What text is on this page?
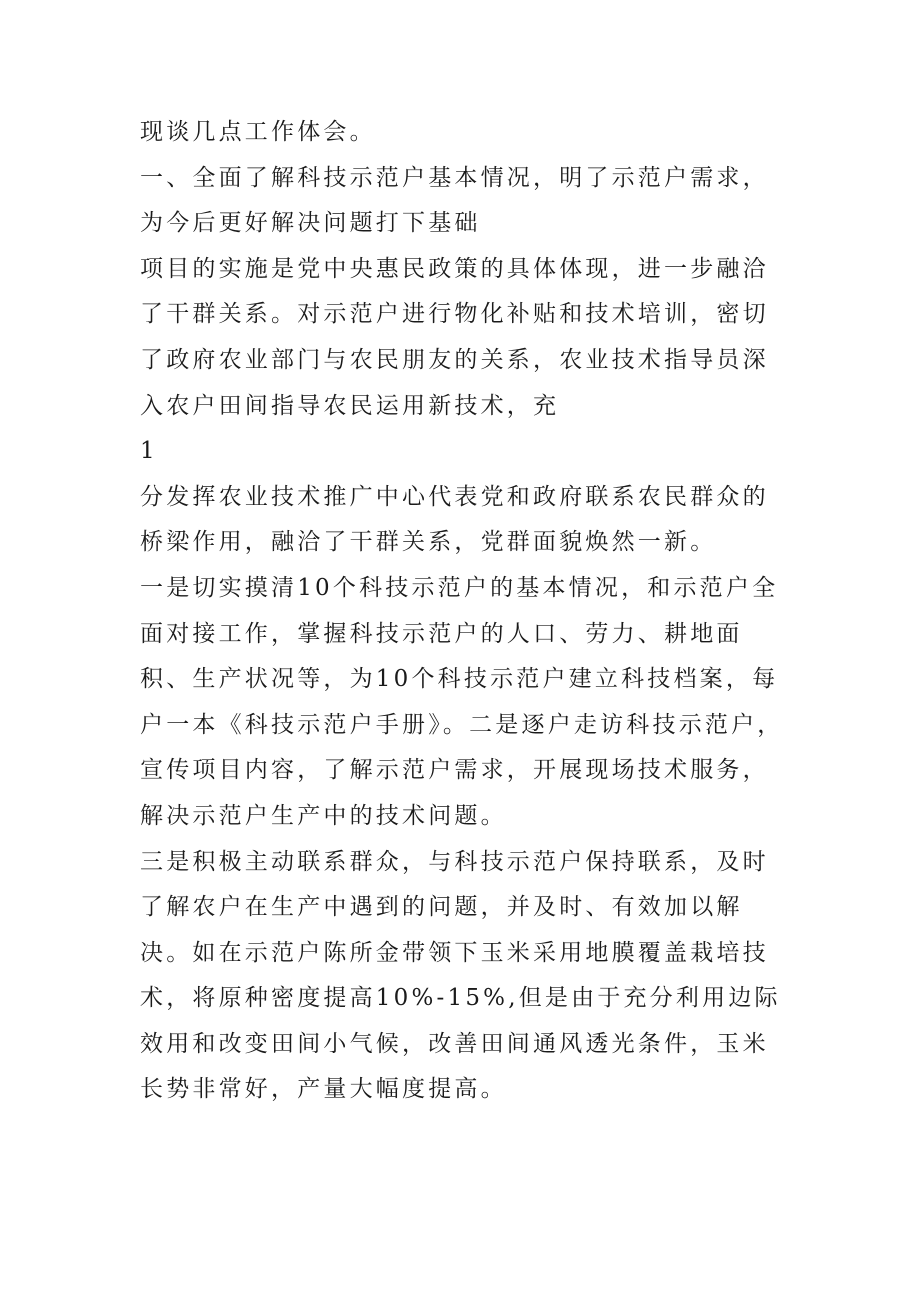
现谈几点工作体会。

一、全面了解科技示范户基本情况，明了示范户需求，为今后更好解决问题打下基础

项目的实施是党中央惠民政策的具体体现，进一步融洽了干群关系。对示范户进行物化补贴和技术培训，密切了政府农业部门与农民朋友的关系，农业技术指导员深入农户田间指导农民运用新技术，充

1

分发挥农业技术推广中心代表党和政府联系农民群众的桥梁作用，融洽了干群关系，党群面貌焕然一新。

一是切实摸清10个科技示范户的基本情况，和示范户全面对接工作，掌握科技示范户的人口、劳力、耕地面积、生产状况等，为10个科技示范户建立科技档案，每户一本《科技示范户手册》。二是逐户走访科技示范户，宣传项目内容，了解示范户需求，开展现场技术服务，解决示范户生产中的技术问题。

三是积极主动联系群众，与科技示范户保持联系，及时了解农户在生产中遇到的问题，并及时、有效加以解决。如在示范户陈所金带领下玉米采用地膜覆盖栽培技术，将原种密度提高10%-15%,但是由于充分利用边际效用和改变田间小气候，改善田间通风透光条件，玉米长势非常好，产量大幅度提高。
